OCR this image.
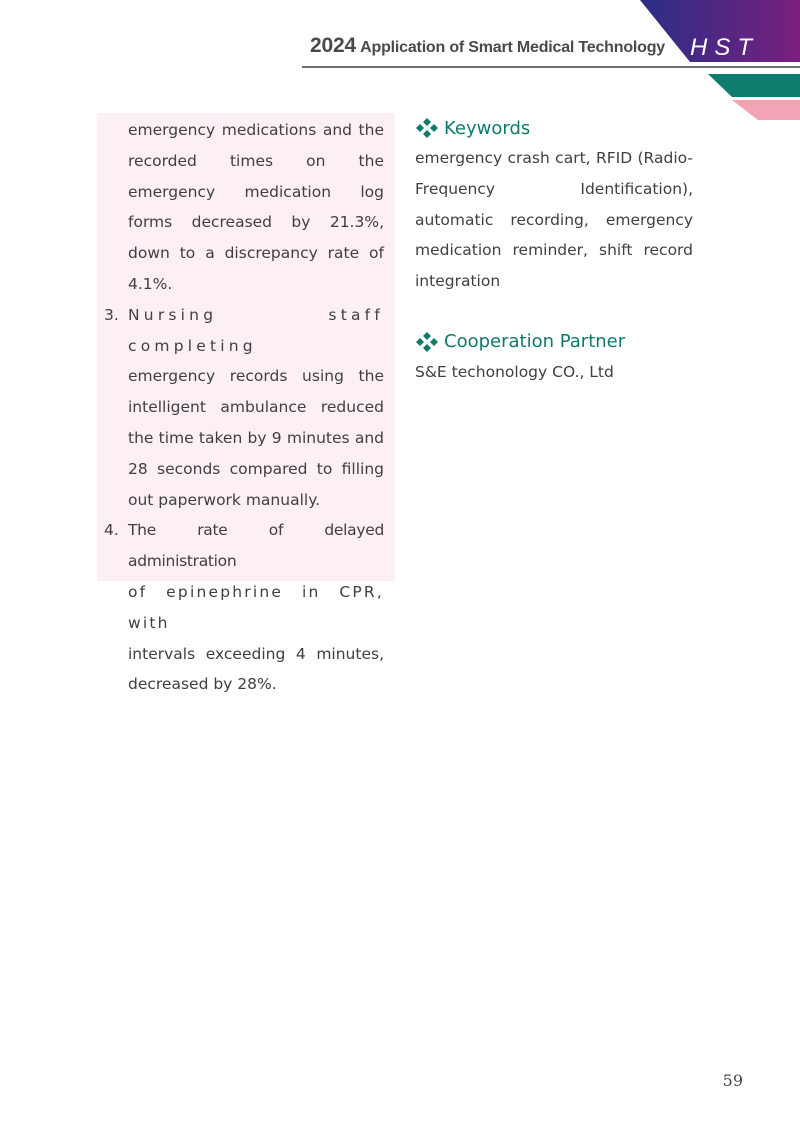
HST
2024 Application of Smart Medical Technology
emergency medications and the recorded times on the emergency medication log forms decreased by 21.3%, down to a discrepancy rate of 4.1%.
3. Nursing staff completing
emergency records using the intelligent ambulance reduced the time taken by 9 minutes and 28 seconds compared to filling out paperwork manually.
4. The rate of delayed administration
of epinephrine in CPR, with
intervals exceeding 4 minutes, decreased by 28%.
Keywords
emergency crash cart, RFID (Radio-Frequency Identification), automatic recording, emergency medication reminder, shift record integration
Cooperation Partner
S&E techonology CO., Ltd
59
